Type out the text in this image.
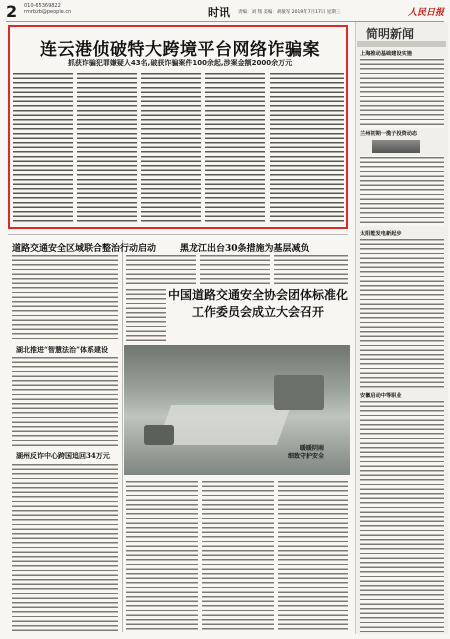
2 010-65369822
rmrbzb@people.cn	时讯 责编：刘 翔 美编：胡敏军 2019年7月17日 星期三	人民日报
连云港侦破特大跨境平台网络诈骗案
抓获诈骗犯罪嫌疑人43名,破获诈骗案件100余起,涉案金额2000余万元
简明新闻
上海推动基础建设实施
兰州初期一揽子投资动态
太阳能发电新起步
安徽启动中等职业
道路交通安全区域联合整治行动启动
湖北推进“智慧法治”体系建设
湖州反诈中心跨国追回34万元
黑龙江出台30条措施为基层减负
中国道路交通安全协会团体标准化工作委员会成立大会召开
暖暖阴雨
细致守护安全
